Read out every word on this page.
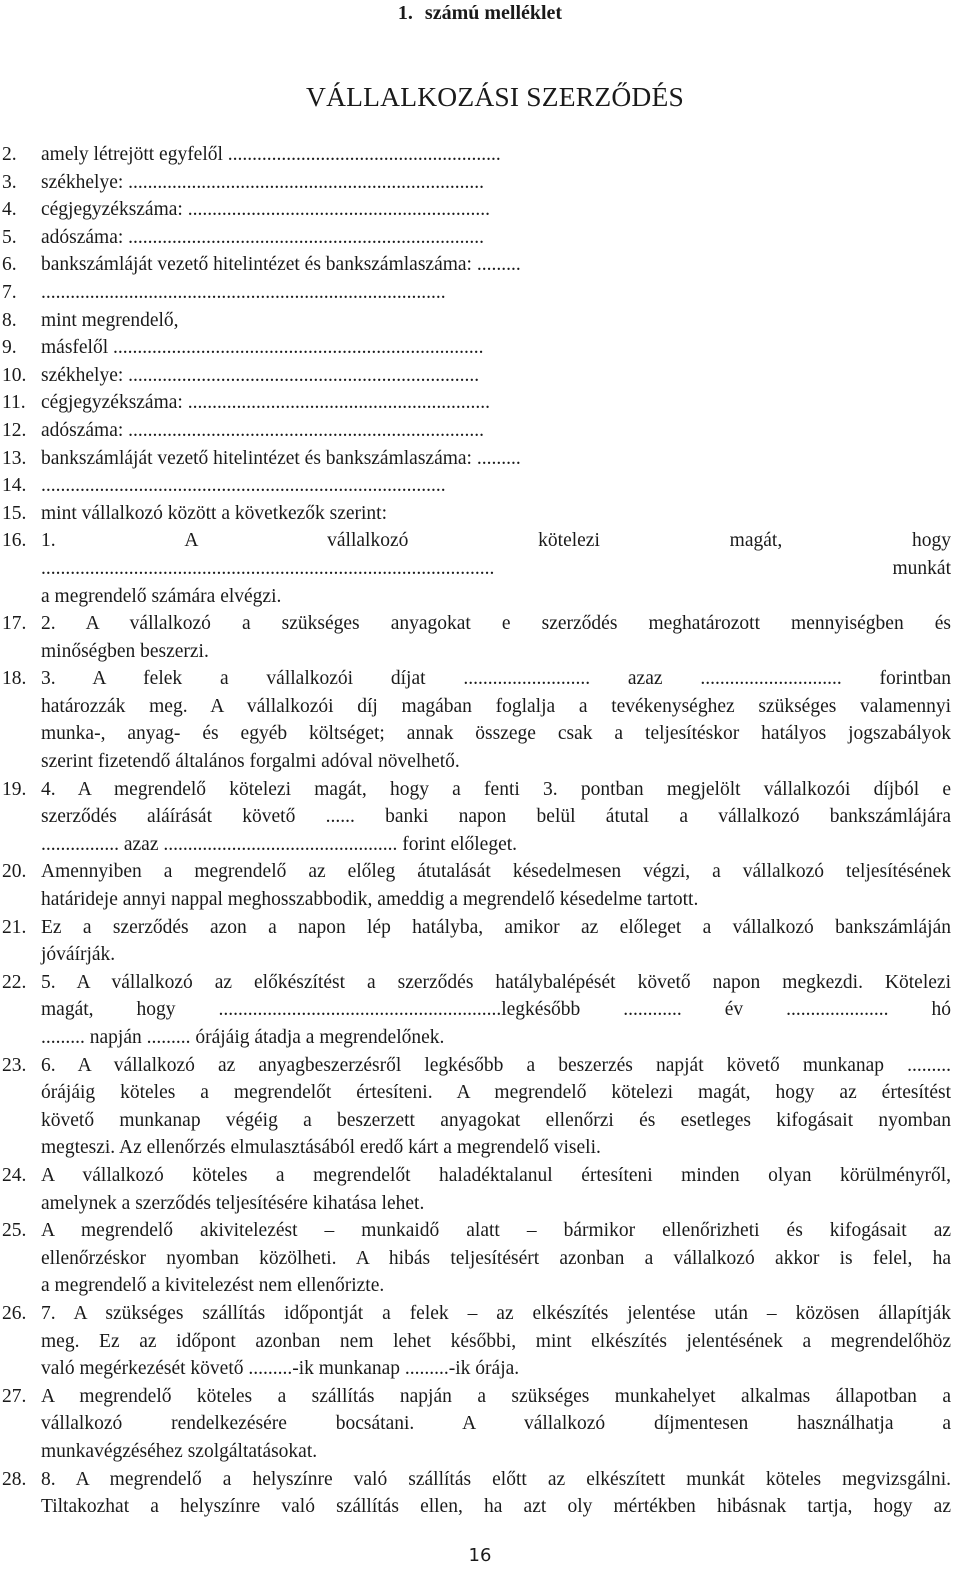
1. számú melléklet
VÁLLALKOZÁSI SZERZŐDÉS
2. amely létrejött egyfelől ........................................................
3. székhelye: .........................................................................
4. cégjegyzékszáma: ..............................................................
5. adószáma: .........................................................................
6. bankszámláját vezető hitelintézet és bankszámlaszáma: .........
7. ...................................................................................
8. mint megrendelő,
9. másfelől ............................................................................
10. székhelye: ........................................................................
11. cégjegyzékszáma: ..............................................................
12. adószáma: .........................................................................
13. bankszámláját vezető hitelintézet és bankszámlaszáma: .........
14. ...................................................................................
15. mint vállalkozó között a következők szerint:
16. 1. A vállalkozó kötelezi magát, hogy
............................................................................................. munkát
a megrendelő számára elvégzi.
17. 2. A vállalkozó a szükséges anyagokat e szerződés meghatározott mennyiségben és
minőségben beszerzi.
18. 3. A felek a vállalkozói díjat .......................... azaz ............................. forintban
határozzák meg. A vállalkozói díj magában foglalja a tevékenységhez szükséges valamennyi
munka-, anyag- és egyéb költséget; annak összege csak a teljesítéskor hatályos jogszabályok
szerint fizetendő általános forgalmi adóval növelhető.
19. 4. A megrendelő kötelezi magát, hogy a fenti 3. pontban megjelölt vállalkozói díjból e
szerződés aláírását követő ...... banki napon belül átutal a vállalkozó bankszámlájára
................ azaz ................................................ forint előleget.
20. Amennyiben a megrendelő az előleg átutalását késedelmesen végzi, a vállalkozó teljesítésének
határideje annyi nappal meghosszabbodik, ameddig a megrendelő késedelme tartott.
21. Ez a szerződés azon a napon lép hatályba, amikor az előleget a vállalkozó bankszámláján
jóváírják.
22. 5. A vállalkozó az előkészítést a szerződés hatálybalépését követő napon megkezdi. Kötelezi
magát, hogy ..........................................................legkésőbb ............ év ..................... hó
......... napján ......... órájáig átadja a megrendelőnek.
23. 6. A vállalkozó az anyagbeszerzésről legkésőbb a beszerzés napját követő munkanap .........
órájáig köteles a megrendelőt értesíteni. A megrendelő kötelezi magát, hogy az értesítést
követő munkanap végéig a beszerzett anyagokat ellenőrzi és esetleges kifogásait nyomban
megteszi. Az ellenőrzés elmulasztásából eredő kárt a megrendelő viseli.
24. A vállalkozó köteles a megrendelőt haladéktalanul értesíteni minden olyan körülményről,
amelynek a szerződés teljesítésére kihatása lehet.
25. A megrendelő akivitelezést – munkaidő alatt – bármikor ellenőrizheti és kifogásait az
ellenőrzéskor nyomban közölheti. A hibás teljesítésért azonban a vállalkozó akkor is felel, ha
a megrendelő a kivitelezést nem ellenőrizte.
26. 7. A szükséges szállítás időpontját a felek – az elkészítés jelentése után – közösen állapítják
meg. Ez az időpont azonban nem lehet későbbi, mint elkészítés jelentésének a megrendelőhöz
való megérkezését követő .........-ik munkanap .........-ik órája.
27. A megrendelő köteles a szállítás napján a szükséges munkahelyet alkalmas állapotban a
vállalkozó rendelkezésére bocsátani. A vállalkozó díjmentesen használhatja a
munkavégzéséhez szolgáltatásokat.
28. 8. A megrendelő a helyszínre való szállítás előtt az elkészített munkát köteles megvizsgálni.
Tiltakozhat a helyszínre való szállítás ellen, ha azt oly mértékben hibásnak tartja, hogy az
16
